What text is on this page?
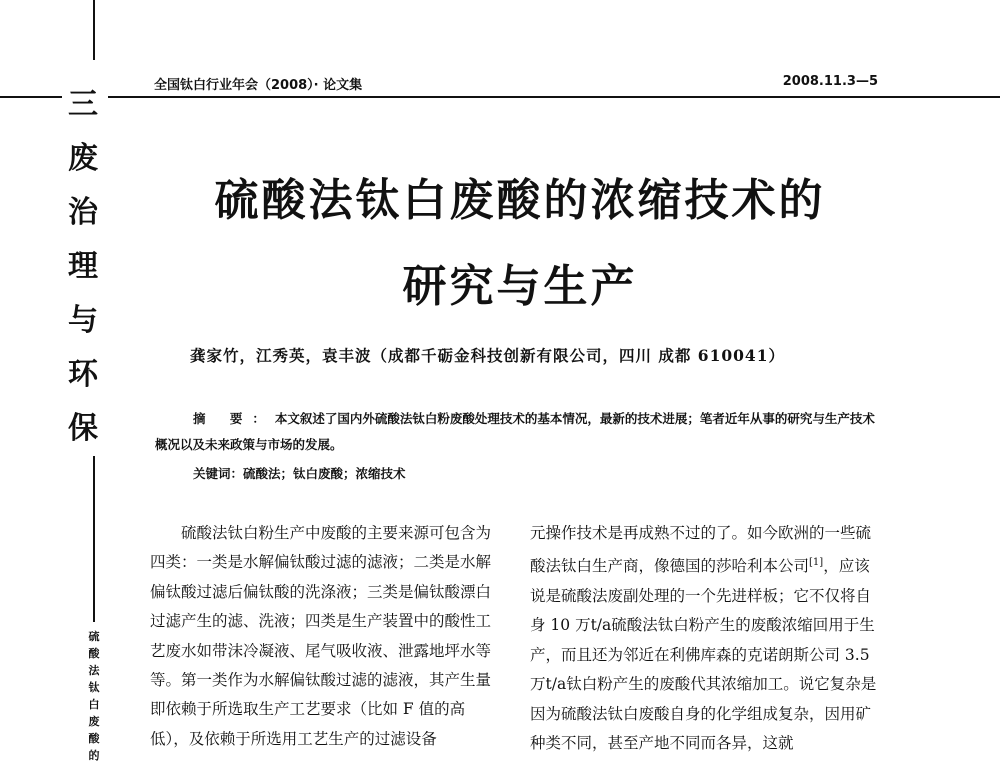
三
废
治
理
与
环
保
硫
酸
法
钛
白
废
酸
的
全国钛白行业年会（2008）· 论文集	2008.11.3—5
硫酸法钛白废酸的浓缩技术的
研究与生产
龚家竹，江秀英，袁丰波（成都千砺金科技创新有限公司，四川 成都 610041）
摘 要：本文叙述了国内外硫酸法钛白粉废酸处理技术的基本情况，最新的技术进展；笔者近年从事的研究与生产技术概况以及未来政策与市场的发展。
关键词：硫酸法；钛白废酸；浓缩技术
硫酸法钛白粉生产中废酸的主要来源可包含为四类：一类是水解偏钛酸过滤的滤液；二类是水解偏钛酸过滤后偏钛酸的洗涤液；三类是偏钛酸漂白过滤产生的滤、洗液；四类是生产装置中的酸性工艺废水如带沫冷凝液、尾气吸收液、泄露地坪水等等。第一类作为水解偏钛酸过滤的滤液，其产生量即依赖于所选取生产工艺要求（比如 F 值的高低），及依赖于所选用工艺生产的过滤设备
元操作技术是再成熟不过的了。如今欧洲的一些硫酸法钛白生产商，像德国的莎哈利本公司[1]，应该说是硫酸法废副处理的一个先进样板；它不仅将自身 10 万t/a硫酸法钛白粉产生的废酸浓缩回用于生产，而且还为邻近在利佛库森的克诺朗斯公司 3.5 万t/a钛白粉产生的废酸代其浓缩加工。说它复杂是因为硫酸法钛白废酸自身的化学组成复杂，因用矿种类不同，甚至产地不同而各异，这就
